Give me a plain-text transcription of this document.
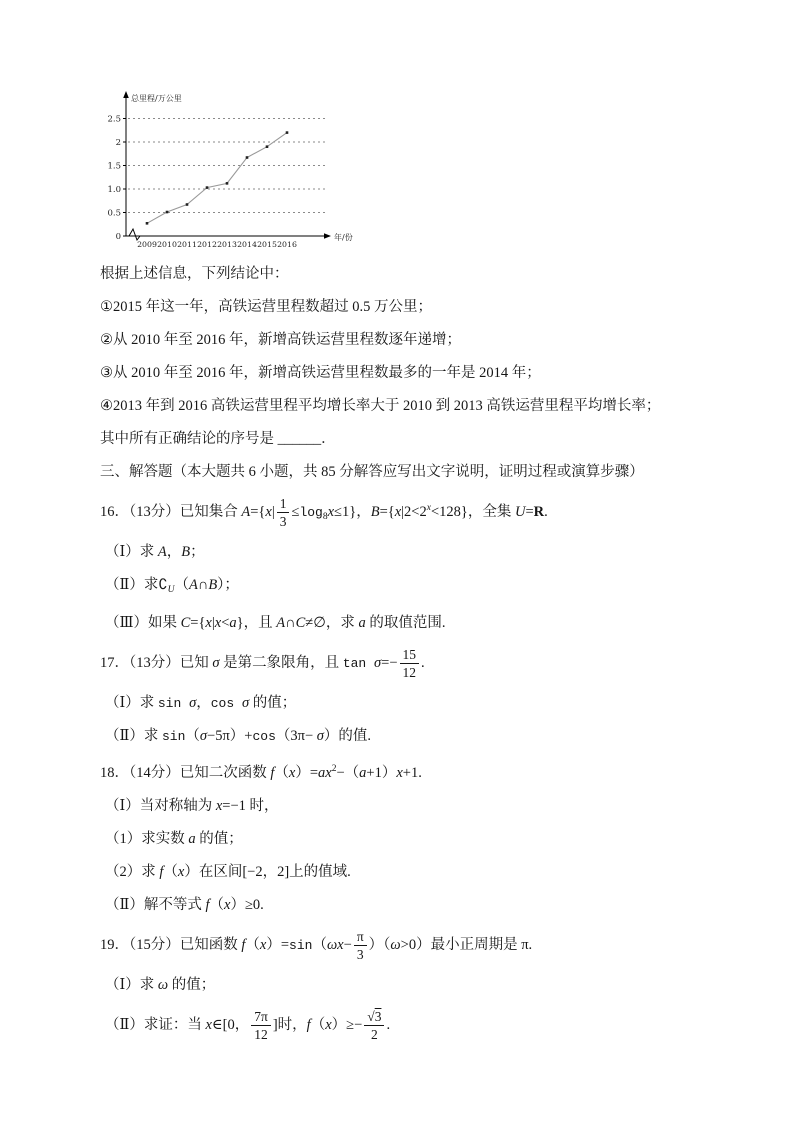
0
0.5
1.0
1.5
2
2.5
2009 2010 2011 2012 2013 2014 2015 2016
总里程/万公里
年/份
根据上述信息，下列结论中：
①2015 年这一年，高铁运营里程数超过 0.5 万公里；
②从 2010 年至 2016 年，新增高铁运营里程数逐年递增；
③从 2010 年至 2016 年，新增高铁运营里程数最多的一年是 2014 年；
④2013 年到 2016 高铁运营里程平均增长率大于 2010 到 2013 高铁运营里程平均增长率；
其中所有正确结论的序号是 ______．
三、解答题（本大题共 6 小题，共 85 分解答应写出文字说明，证明过程或演算步骤）
16．（13分）已知集合 $A=\{x| \frac{1}{3} \le\log_8x\le 1\}$，$B=\{x|2<2^x<128\}$，全集 U=R.
（Ⅰ）求 A，B；
（Ⅱ）求$∁_U(A\cap B)$；
（Ⅲ）如果 C={x|x<a}，且 A∩C≠∅，求 a 的取值范围.
17．（13分）已知 σ 是第二象限角，且 $\tan \sigma=- \frac{15}{12}$ .
（Ⅰ）求 sin σ，cos σ 的值；
（Ⅱ）求 sin（σ−5π）+cos（3π− σ）的值.
18．（14分）已知二次函数 $f(x)=ax^2-(a+1)x+1$.
（Ⅰ）当对称轴为 x=−1 时，
（1）求实数 a 的值；
（2）求 f（x）在区间[−2，2]上的值域.
（Ⅱ）解不等式 f（x）≥0.
19．（15分）已知函数 $f(x)=\sin(\omega x- \frac{\pi}{3} )(\omega>0)$最小正周期是 π.
（Ⅰ）求 ω 的值；
（Ⅱ）求证：当 x∈[0， $\frac{7\pi}{12}$ ]时，$f(x)\ge- \frac{√3}{2}$ .
